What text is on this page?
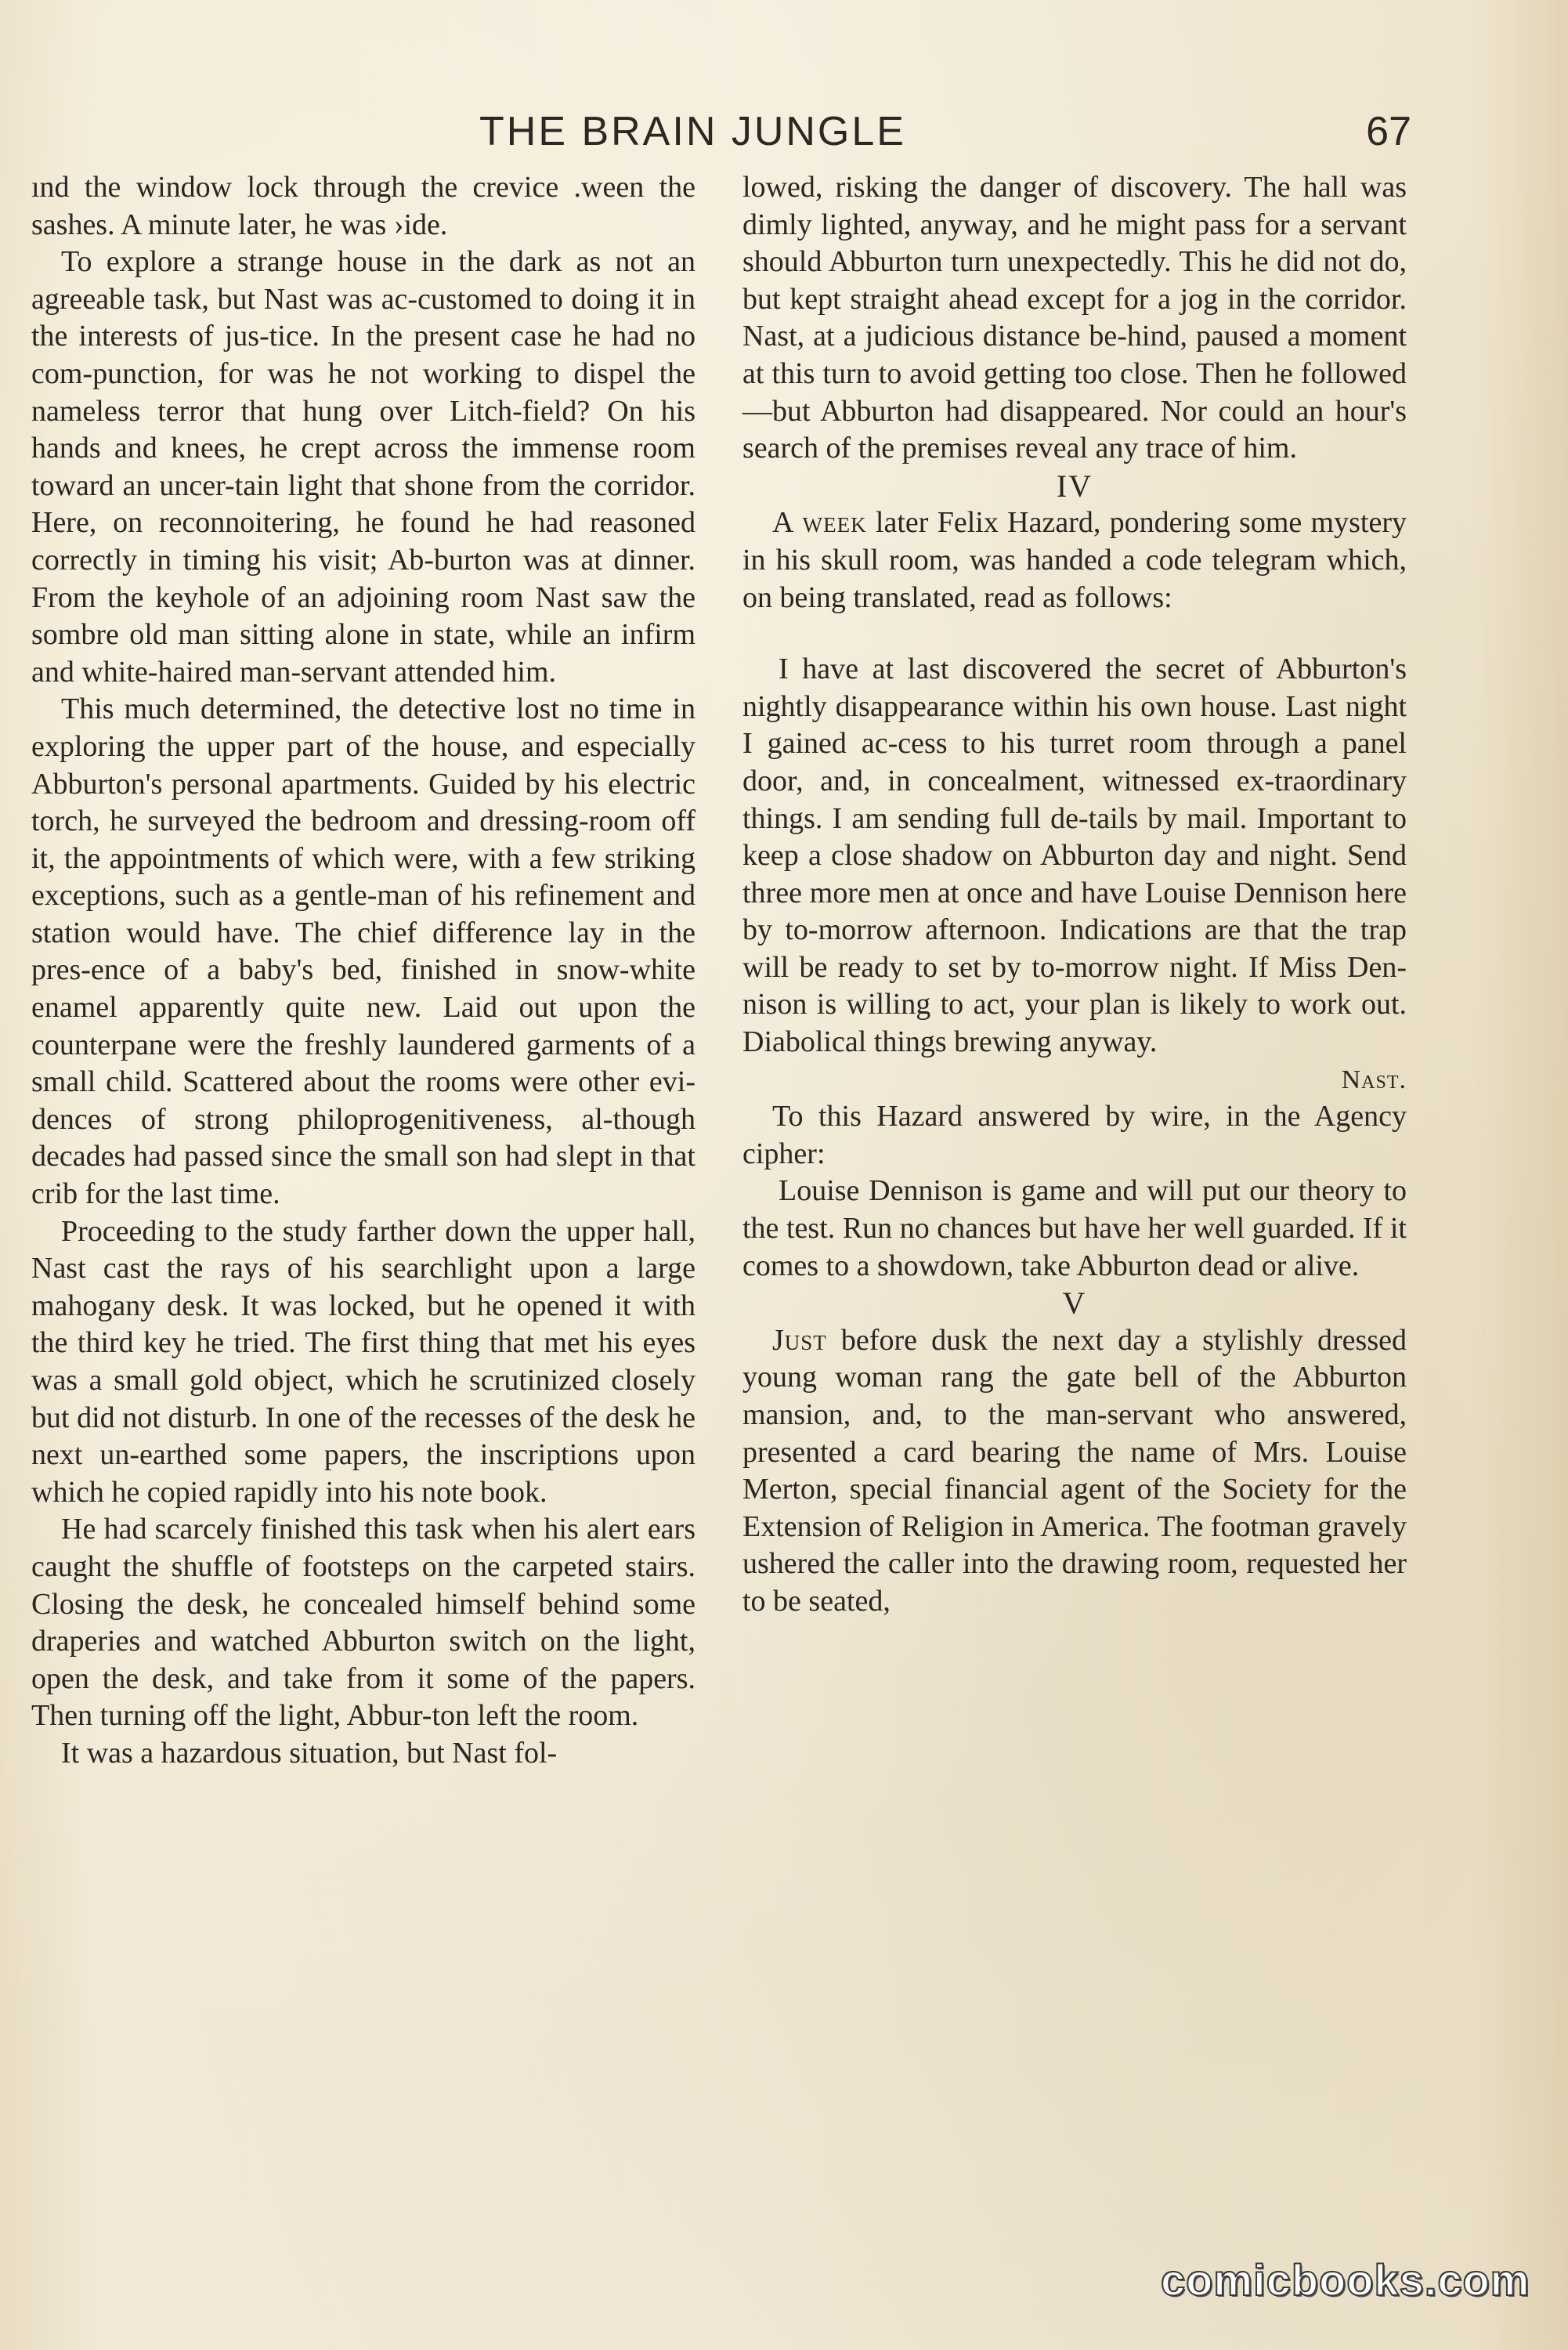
THE BRAIN JUNGLE	67

ınd the window lock through the crevice .ween the sashes. A minute later, he was ›ide.

To explore a strange house in the dark as not an agreeable task, but Nast was ac-customed to doing it in the interests of jus-tice. In the present case he had no com-punction, for was he not working to dispel the nameless terror that hung over Litch-field? On his hands and knees, he crept across the immense room toward an uncer-tain light that shone from the corridor. Here, on reconnoitering, he found he had reasoned correctly in timing his visit; Ab-burton was at dinner. From the keyhole of an adjoining room Nast saw the sombre old man sitting alone in state, while an infirm and white-haired man-servant attended him.

This much determined, the detective lost no time in exploring the upper part of the house, and especially Abburton's personal apartments. Guided by his electric torch, he surveyed the bedroom and dressing-room off it, the appointments of which were, with a few striking exceptions, such as a gentle-man of his refinement and station would have. The chief difference lay in the pres-ence of a baby's bed, finished in snow-white enamel apparently quite new. Laid out upon the counterpane were the freshly laundered garments of a small child. Scattered about the rooms were other evi-dences of strong philoprogenitiveness, al-though decades had passed since the small son had slept in that crib for the last time.

Proceeding to the study farther down the upper hall, Nast cast the rays of his searchlight upon a large mahogany desk. It was locked, but he opened it with the third key he tried. The first thing that met his eyes was a small gold object, which he scrutinized closely but did not disturb. In one of the recesses of the desk he next un-earthed some papers, the inscriptions upon which he copied rapidly into his note book.

He had scarcely finished this task when his alert ears caught the shuffle of footsteps on the carpeted stairs. Closing the desk, he concealed himself behind some draperies and watched Abburton switch on the light, open the desk, and take from it some of the papers. Then turning off the light, Abbur-ton left the room.

It was a hazardous situation, but Nast fol-

lowed, risking the danger of discovery. The hall was dimly lighted, anyway, and he might pass for a servant should Abburton turn unexpectedly. This he did not do, but kept straight ahead except for a jog in the corridor. Nast, at a judicious distance be-hind, paused a moment at this turn to avoid getting too close. Then he followed—but Abburton had disappeared. Nor could an hour's search of the premises reveal any trace of him.

IV

A week later Felix Hazard, pondering some mystery in his skull room, was handed a code telegram which, on being translated, read as follows:

I have at last discovered the secret of Abburton's nightly disappearance within his own house. Last night I gained ac-cess to his turret room through a panel door, and, in concealment, witnessed ex-traordinary things. I am sending full de-tails by mail. Important to keep a close shadow on Abburton day and night. Send three more men at once and have Louise Dennison here by to-morrow afternoon. Indications are that the trap will be ready to set by to-morrow night. If Miss Den-nison is willing to act, your plan is likely to work out. Diabolical things brewing anyway.

Nast.

To this Hazard answered by wire, in the Agency cipher:

Louise Dennison is game and will put our theory to the test. Run no chances but have her well guarded. If it comes to a showdown, take Abburton dead or alive.

V

Just before dusk the next day a stylishly dressed young woman rang the gate bell of the Abburton mansion, and, to the man-servant who answered, presented a card bearing the name of Mrs. Louise Merton, special financial agent of the Society for the Extension of Religion in America. The footman gravely ushered the caller into the drawing room, requested her to be seated,

comicbooks.com
